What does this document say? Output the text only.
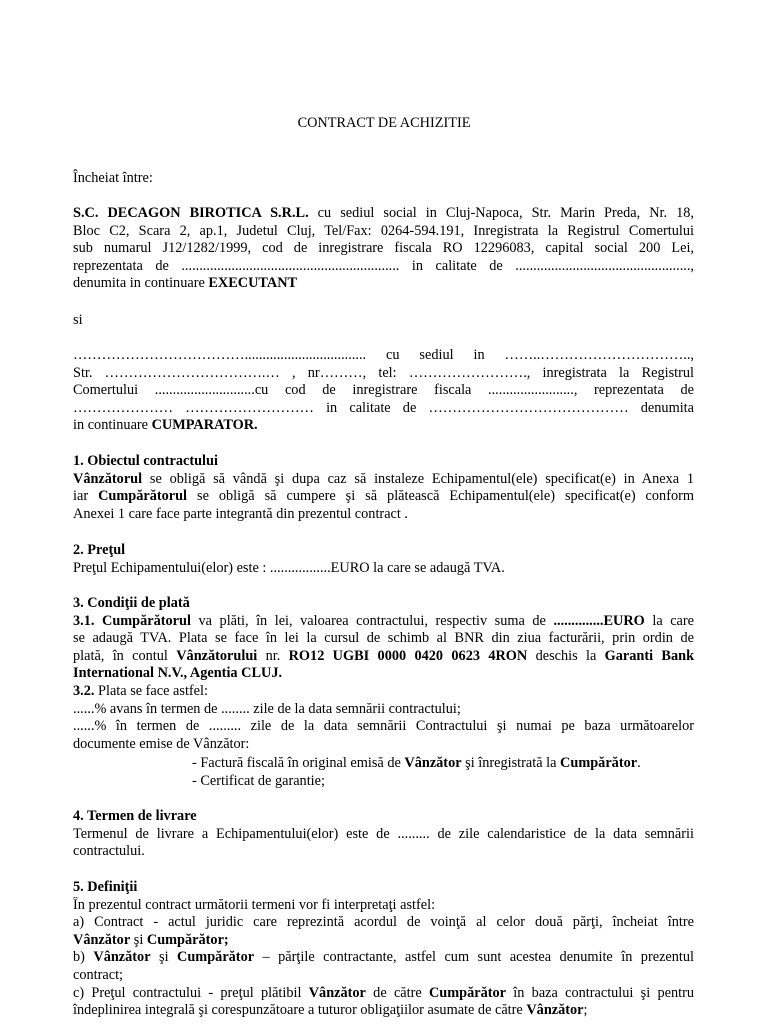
CONTRACT DE ACHIZITIE
Încheiat între:
S.C. DECAGON BIROTICA S.R.L. cu sediul social in Cluj-Napoca, Str. Marin Preda, Nr. 18,
Bloc C2, Scara 2, ap.1, Judetul Cluj, Tel/Fax: 0264-594.191, Inregistrata la Registrul Comertului
sub numarul J12/1282/1999, cod de inregistrare fiscala RO 12296083, capital social 200 Lei,
reprezentata de ............................................................. in calitate de .................................................,
denumita in continuare EXECUTANT
si
……………………………….................................. cu sediul in ……..…………………………..,
Str. …………………………….… , nr………, tel: ……………………., inregistrata la Registrul
Comertului ............................cu cod de inregistrare fiscala ........................, reprezentata de
………………… ……………………… in calitate de …………………………………… denumita
in continuare CUMPARATOR.
1. Obiectul contractului
Vânzătorul se obligă să vândă şi dupa caz să instaleze Echipamentul(ele) specificat(e) in Anexa 1
iar Cumpărătorul se obligă să cumpere şi să plătească Echipamentul(ele) specificat(e) conform
Anexei 1 care face parte integrantă din prezentul contract .
2. Preţul
Preţul Echipamentului(elor) este : .................EURO la care se adaugă TVA.
3. Condiţii de plată
3.1. Cumpărătorul va plăti, în lei, valoarea contractului, respectiv suma de ..............EURO la care
se adaugă TVA. Plata se face în lei la cursul de schimb al BNR din ziua facturării, prin ordin de
plată, în contul Vânzătorului nr. RO12 UGBI 0000 0420 0623 4RON deschis la Garanti Bank
International N.V., Agentia CLUJ.
3.2. Plata se face astfel:
......% avans în termen de ........ zile de la data semnării contractului;
......% în termen de ......... zile de la data semnării Contractului şi numai pe baza următoarelor
documente emise de Vânzător:
- Factură fiscală în original emisă de Vânzător şi înregistrată la Cumpărător.
- Certificat de garantie;
4. Termen de livrare
Termenul de livrare a Echipamentului(elor) este de ......... de zile calendaristice de la data semnării
contractului.
5. Definiţii
În prezentul contract următorii termeni vor fi interpretaţi astfel:
a) Contract - actul juridic care reprezintă acordul de voinţă al celor două părţi, încheiat între
Vânzător şi Cumpărător;
b) Vânzător şi Cumpărător – părţile contractante, astfel cum sunt acestea denumite în prezentul
contract;
c) Preţul contractului - preţul plătibil Vânzător de către Cumpărător în baza contractului şi pentru
îndeplinirea integrală şi corespunzătoare a tuturor obligaţiilor asumate de către Vânzător;
